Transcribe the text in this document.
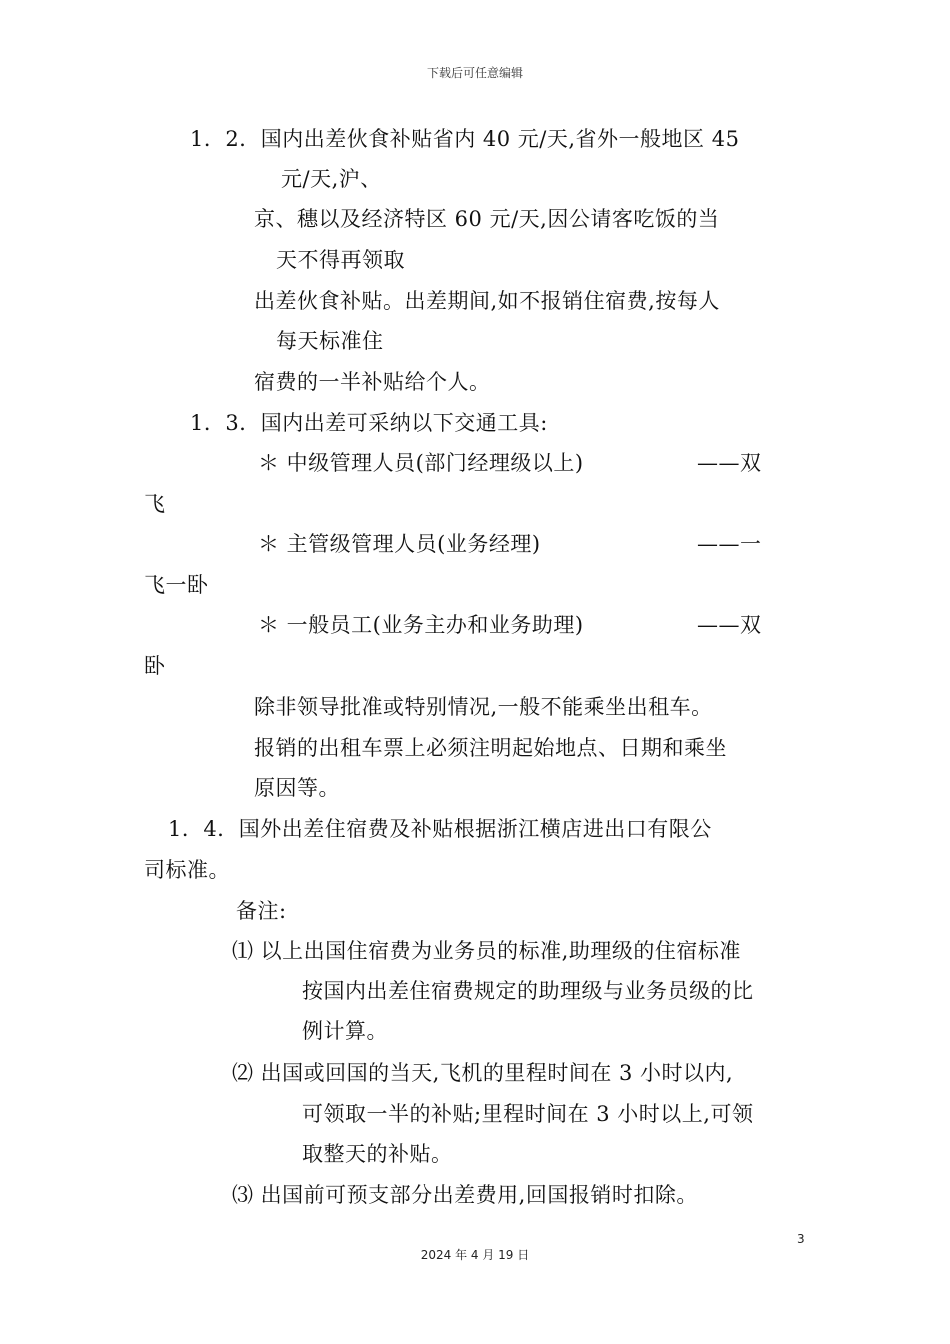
下载后可任意编辑
1．2．国内出差伙食补贴省内 40 元/天,省外一般地区 45
元/天,沪、
京、穗以及经济特区 60 元/天,因公请客吃饭的当
天不得再领取
出差伙食补贴。出差期间,如不报销住宿费,按每人
每天标准住
宿费的一半补贴给个人。
1．3．国内出差可采纳以下交通工具:
＊ 中级管理人员(部门经理级以上)	——双
飞
＊ 主管级管理人员(业务经理)	——一
飞一卧
＊ 一般员工(业务主办和业务助理)	——双
卧
除非领导批准或特别情况,一般不能乘坐出租车。
报销的出租车票上必须注明起始地点、日期和乘坐
原因等。
1．4．国外出差住宿费及补贴根据浙江横店进出口有限公
司标准。
备注:
⑴ 以上出国住宿费为业务员的标准,助理级的住宿标准
按国内出差住宿费规定的助理级与业务员级的比
例计算。
⑵ 出国或回国的当天,飞机的里程时间在 3 小时以内,
可领取一半的补贴;里程时间在 3 小时以上,可领
取整天的补贴。
⑶ 出国前可预支部分出差费用,回国报销时扣除。
3
2024 年 4 月 19 日
